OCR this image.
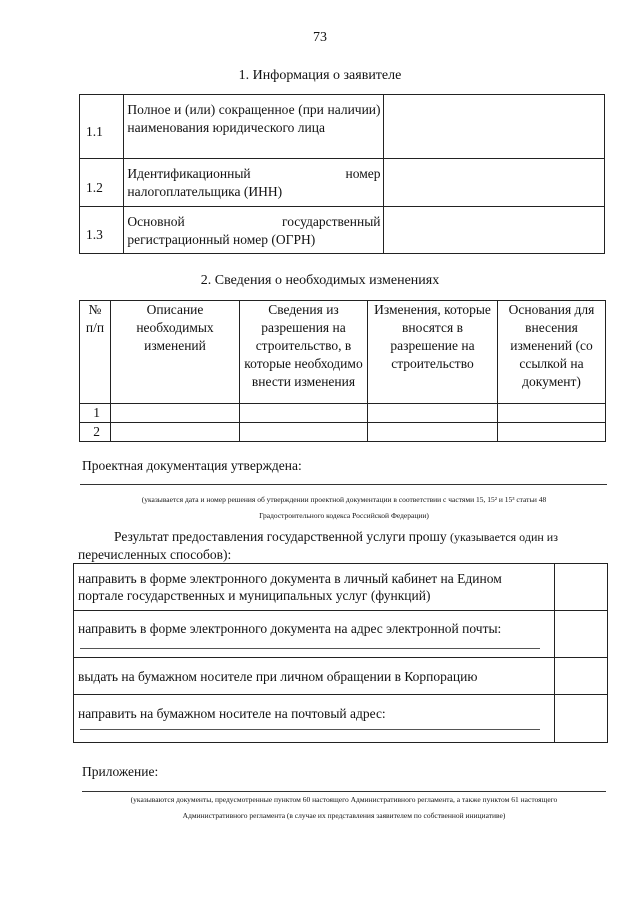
73
1. Информация о заявителе
1.1	Полное и (или) сокращенное (при наличии) наименования юридического лица	
1.2	Идентификационный номер налогоплательщика (ИНН)	
1.3	Основной государственный регистрационный номер (ОГРН)	
2. Сведения о необходимых изменениях
№ п/п	Описание необходимых изменений	Сведения из разрешения на строительство, в которые необходимо внести изменения	Изменения, которые вносятся в разрешение на строительство	Основания для внесения изменений (со ссылкой на документ)
1				
2				
Проектная документация утверждена:
(указывается дата и номер решения об утверждении проектной документации в соответствии с частями 15, 15² и 15³ статьи 48
Градостроительного кодекса Российской Федерации)
Результат предоставления государственной услуги прошу (указывается один из
перечисленных способов):
направить в форме электронного документа в личный кабинет на Едином портале государственных и муниципальных услуг (функций)	
направить в форме электронного документа на адрес электронной почты:

выдать на бумажном носителе при личном обращении в Корпорацию	
направить на бумажном носителе на почтовый адрес:

Приложение:
(указываются документы, предусмотренные пунктом 60 настоящего Административного регламента, а также пунктом 61 настоящего
Административного регламента (в случае их представления заявителем по собственной инициативе)
